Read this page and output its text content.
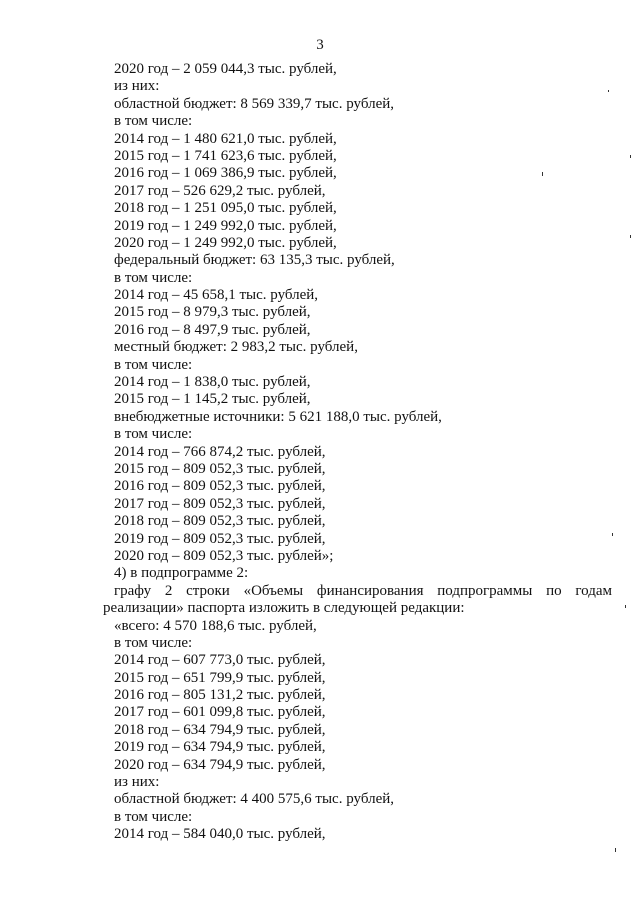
3
2020 год – 2 059 044,3 тыс. рублей,
из них:
областной бюджет: 8 569 339,7 тыс. рублей,
в том числе:
2014 год – 1 480 621,0 тыс. рублей,
2015 год – 1 741 623,6 тыс. рублей,
2016 год – 1 069 386,9 тыс. рублей,
2017 год – 526 629,2 тыс. рублей,
2018 год – 1 251 095,0 тыс. рублей,
2019 год – 1 249 992,0 тыс. рублей,
2020 год – 1 249 992,0 тыс. рублей,
федеральный бюджет: 63 135,3 тыс. рублей,
в том числе:
2014 год – 45 658,1 тыс. рублей,
2015 год – 8 979,3 тыс. рублей,
2016 год – 8 497,9 тыс. рублей,
местный бюджет: 2 983,2 тыс. рублей,
в том числе:
2014 год – 1 838,0 тыс. рублей,
2015 год – 1 145,2 тыс. рублей,
внебюджетные источники: 5 621 188,0 тыс. рублей,
в том числе:
2014 год – 766 874,2 тыс. рублей,
2015 год – 809 052,3 тыс. рублей,
2016 год – 809 052,3 тыс. рублей,
2017 год – 809 052,3 тыс. рублей,
2018 год – 809 052,3 тыс. рублей,
2019 год – 809 052,3 тыс. рублей,
2020 год – 809 052,3 тыс. рублей»;
4) в подпрограмме 2:
графу 2 строки «Объемы финансирования подпрограммы по годам
реализации» паспорта изложить в следующей редакции:
«всего: 4 570 188,6 тыс. рублей,
в том числе:
2014 год – 607 773,0 тыс. рублей,
2015 год – 651 799,9 тыс. рублей,
2016 год – 805 131,2 тыс. рублей,
2017 год – 601 099,8 тыс. рублей,
2018 год – 634 794,9 тыс. рублей,
2019 год – 634 794,9 тыс. рублей,
2020 год – 634 794,9 тыс. рублей,
из них:
областной бюджет: 4 400 575,6 тыс. рублей,
в том числе:
2014 год – 584 040,0 тыс. рублей,
